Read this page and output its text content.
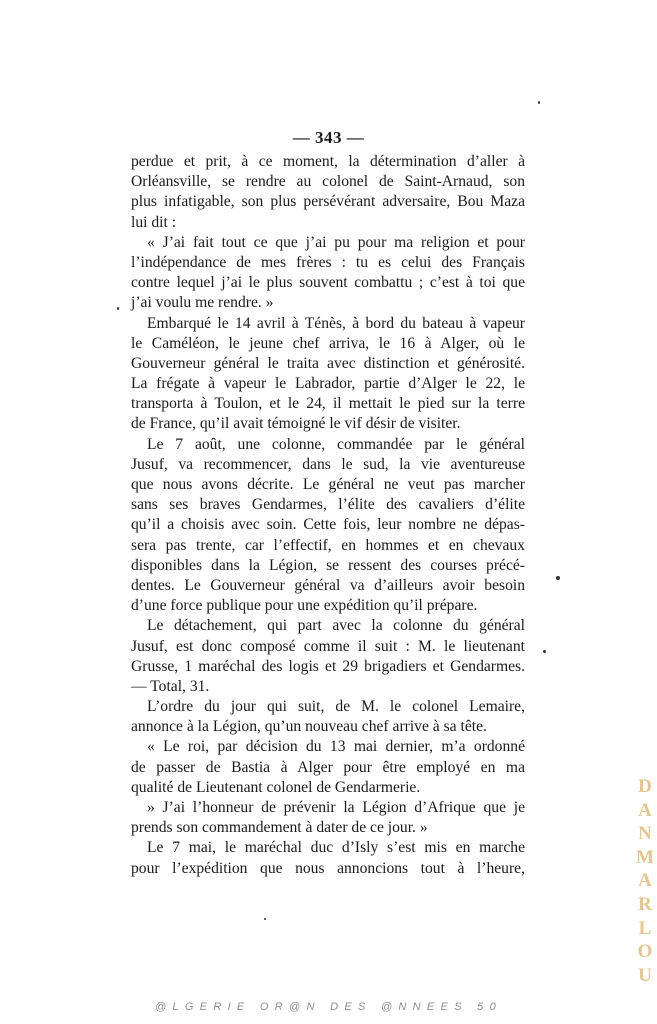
— 343 —
perdue et prit, à ce moment, la détermination d’aller à
Orléansville, se rendre au colonel de Saint-Arnaud, son
plus infatigable, son plus persévérant adversaire, Bou Maza
lui dit :
« J’ai fait tout ce que j’ai pu pour ma religion et pour
l’indépendance de mes frères : tu es celui des Français
contre lequel j’ai le plus souvent combattu ; c’est à toi que
j’ai voulu me rendre. »
Embarqué le 14 avril à Ténès, à bord du bateau à vapeur
le Caméléon, le jeune chef arriva, le 16 à Alger, où le
Gouverneur général le traita avec distinction et générosité.
La frégate à vapeur le Labrador, partie d’Alger le 22, le
transporta à Toulon, et le 24, il mettait le pied sur la terre
de France, qu’il avait témoigné le vif désir de visiter.
Le 7 août, une colonne, commandée par le général
Jusuf, va recommencer, dans le sud, la vie aventureuse
que nous avons décrite. Le général ne veut pas marcher
sans ses braves Gendarmes, l’élite des cavaliers d’élite
qu’il a choisis avec soin. Cette fois, leur nombre ne dépas-
sera pas trente, car l’effectif, en hommes et en chevaux
disponibles dans la Légion, se ressent des courses précé-
dentes. Le Gouverneur général va d’ailleurs avoir besoin
d’une force publique pour une expédition qu’il prépare.
Le détachement, qui part avec la colonne du général
Jusuf, est donc composé comme il suit : M. le lieutenant
Grusse, 1 maréchal des logis et 29 brigadiers et Gendarmes.
— Total, 31.
L’ordre du jour qui suit, de M. le colonel Lemaire,
annonce à la Légion, qu’un nouveau chef arrive à sa tête.
« Le roi, par décision du 13 mai dernier, m’a ordonné
de passer de Bastia à Alger pour être employé en ma
qualité de Lieutenant colonel de Gendarmerie.
» J’ai l’honneur de prévenir la Légion d’Afrique que je
prends son commandement à dater de ce jour. »
Le 7 mai, le maréchal duc d’Isly s’est mis en marche
pour l’expédition que nous annoncions tout à l’heure,
D
A
N
M
A
R
L
O
U
@LGERIE OR@N DES @NNEES 50
